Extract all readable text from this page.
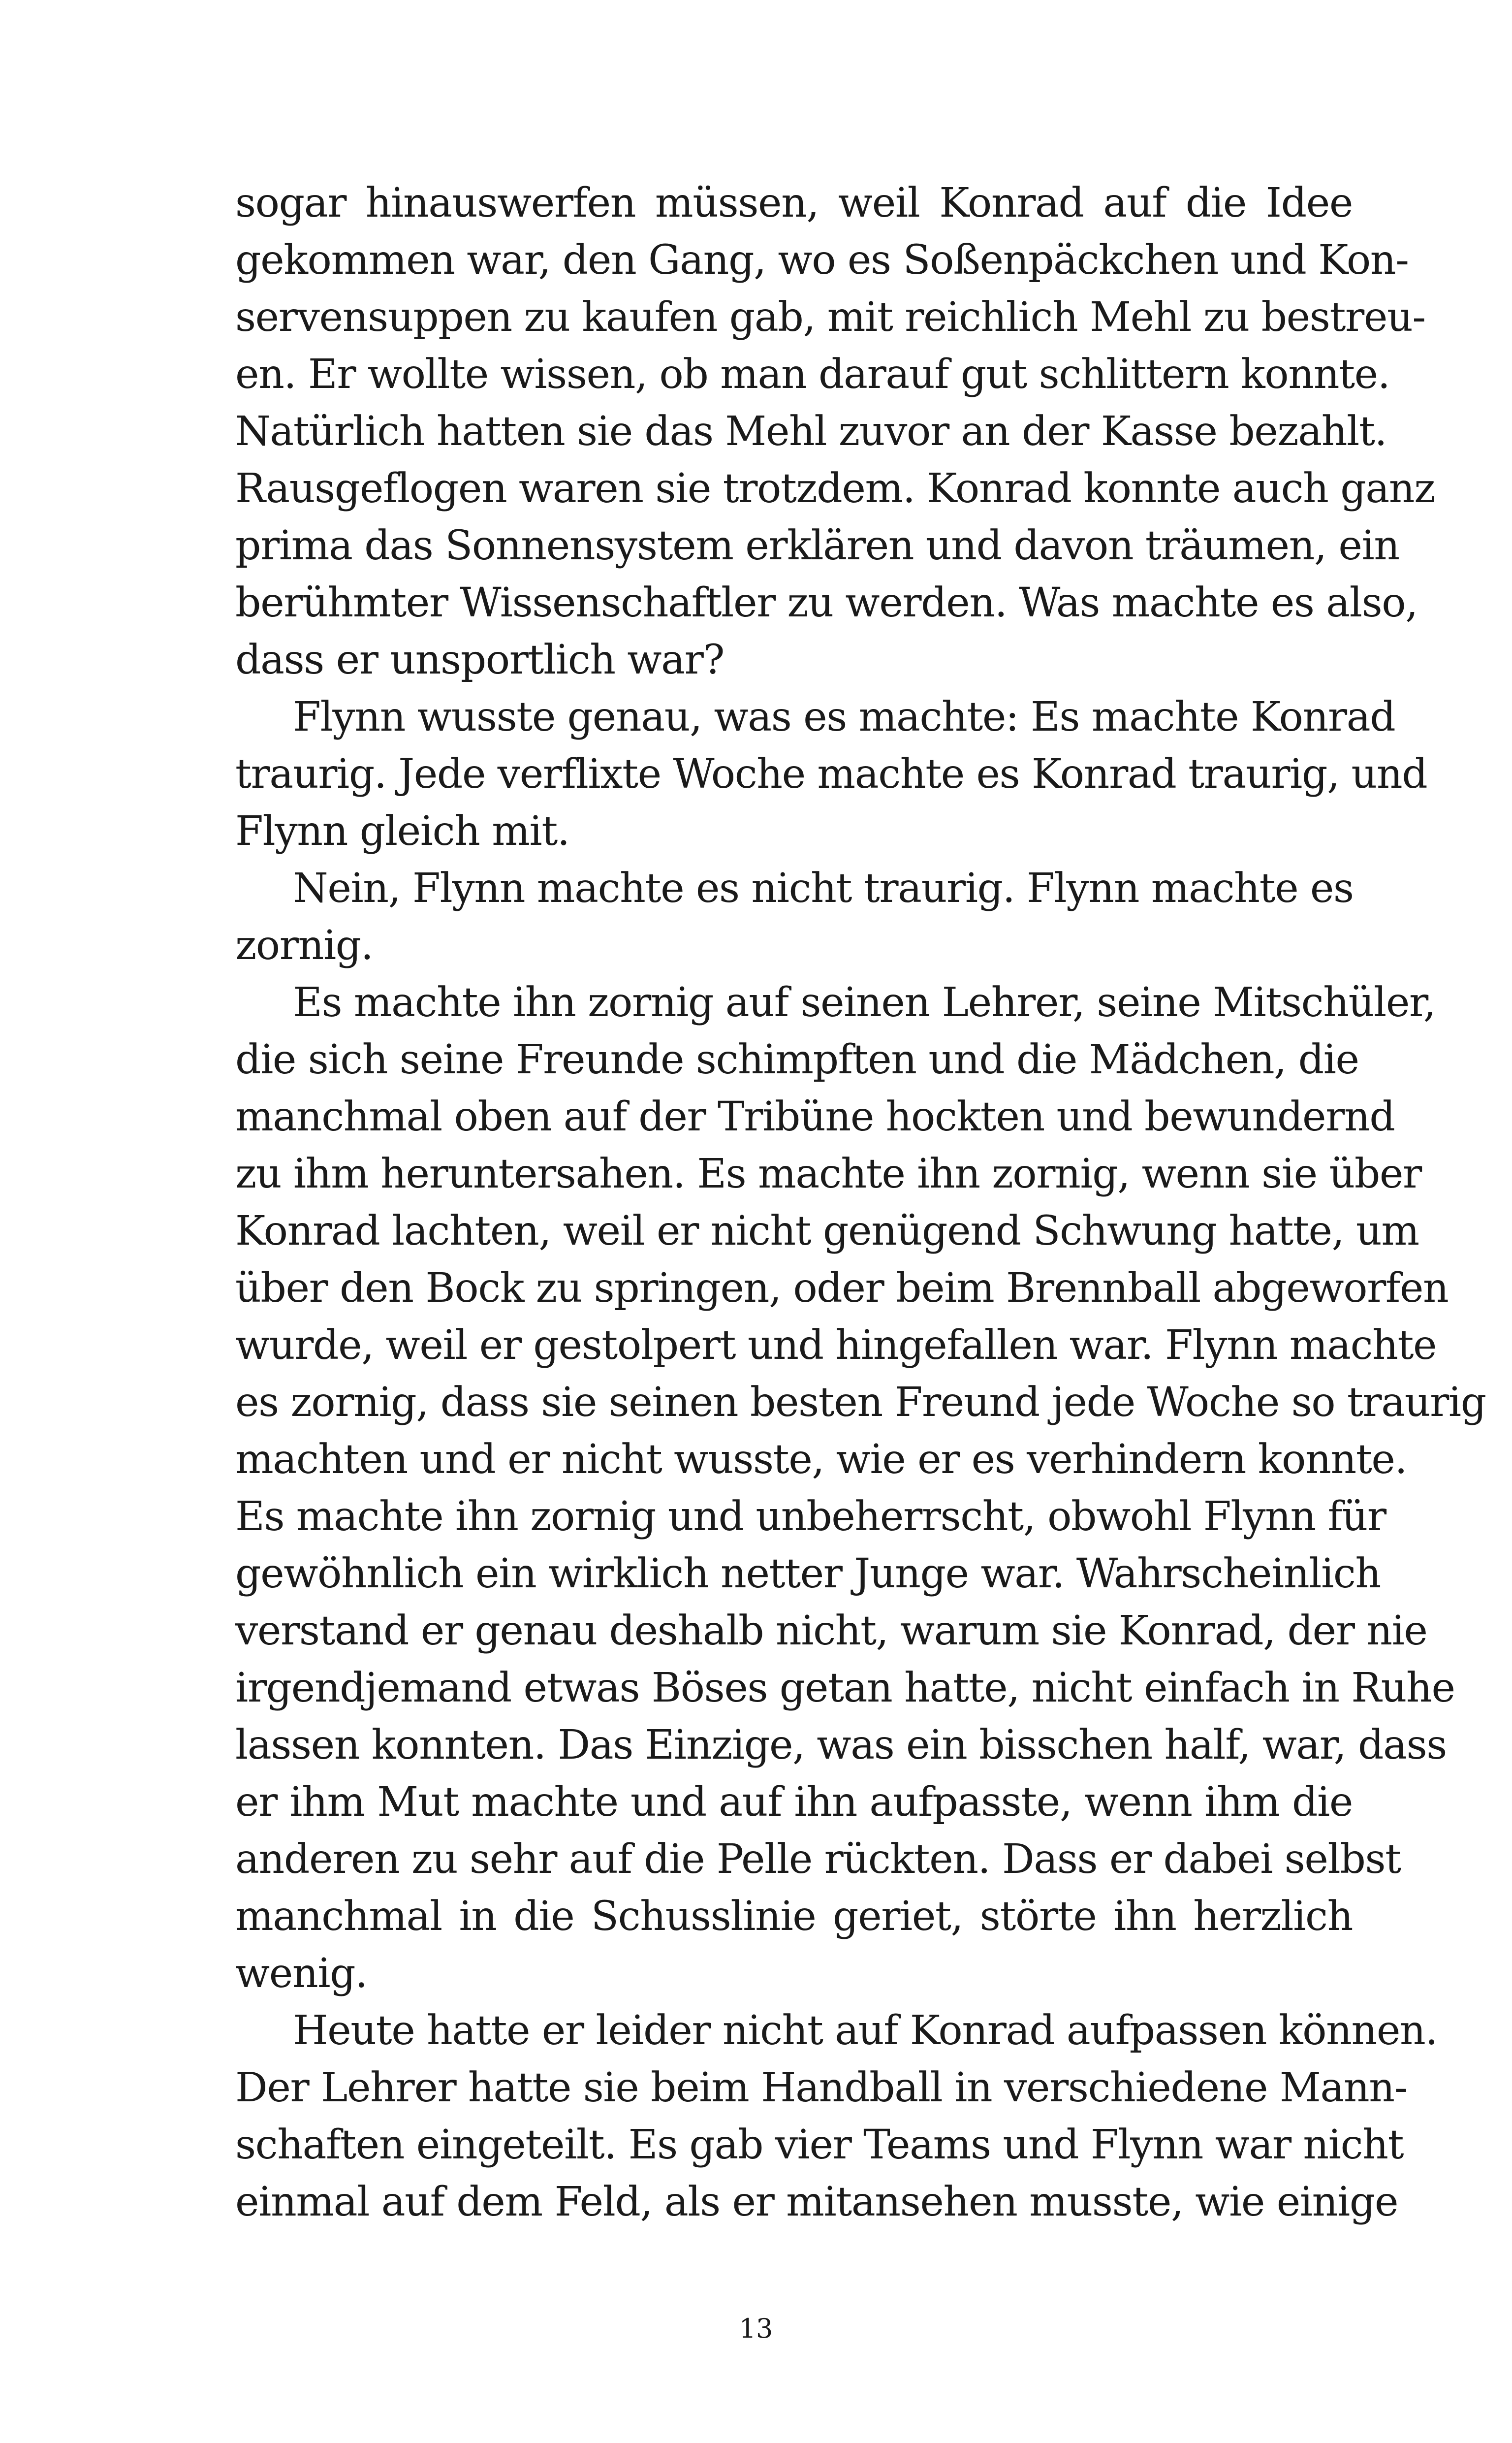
sogar hinauswerfen müssen, weil Konrad auf die Idee
gekommen war, den Gang, wo es Soßenpäckchen und Kon-
servensuppen zu kaufen gab, mit reichlich Mehl zu bestreu-
en. Er wollte wissen, ob man darauf gut schlittern konnte.
Natürlich hatten sie das Mehl zuvor an der Kasse bezahlt.
Rausgeflogen waren sie trotzdem. Konrad konnte auch ganz
prima das Sonnensystem erklären und davon träumen, ein
berühmter Wissenschaftler zu werden. Was machte es also,
dass er unsportlich war?
Flynn wusste genau, was es machte: Es machte Konrad
traurig. Jede verflixte Woche machte es Konrad traurig, und
Flynn gleich mit.
Nein, Flynn machte es nicht traurig. Flynn machte es
zornig.
Es machte ihn zornig auf seinen Lehrer, seine Mitschüler,
die sich seine Freunde schimpften und die Mädchen, die
manchmal oben auf der Tribüne hockten und bewundernd
zu ihm heruntersahen. Es machte ihn zornig, wenn sie über
Konrad lachten, weil er nicht genügend Schwung hatte, um
über den Bock zu springen, oder beim Brennball abgeworfen
wurde, weil er gestolpert und hingefallen war. Flynn machte
es zornig, dass sie seinen besten Freund jede Woche so traurig
machten und er nicht wusste, wie er es verhindern konnte.
Es machte ihn zornig und unbeherrscht, obwohl Flynn für
gewöhnlich ein wirklich netter Junge war. Wahrscheinlich
verstand er genau deshalb nicht, warum sie Konrad, der nie
irgendjemand etwas Böses getan hatte, nicht einfach in Ruhe
lassen konnten. Das Einzige, was ein bisschen half, war, dass
er ihm Mut machte und auf ihn aufpasste, wenn ihm die
anderen zu sehr auf die Pelle rückten. Dass er dabei selbst
manchmal in die Schusslinie geriet, störte ihn herzlich
wenig.
Heute hatte er leider nicht auf Konrad aufpassen können.
Der Lehrer hatte sie beim Handball in verschiedene Mann-
schaften eingeteilt. Es gab vier Teams und Flynn war nicht
einmal auf dem Feld, als er mitansehen musste, wie einige
13
